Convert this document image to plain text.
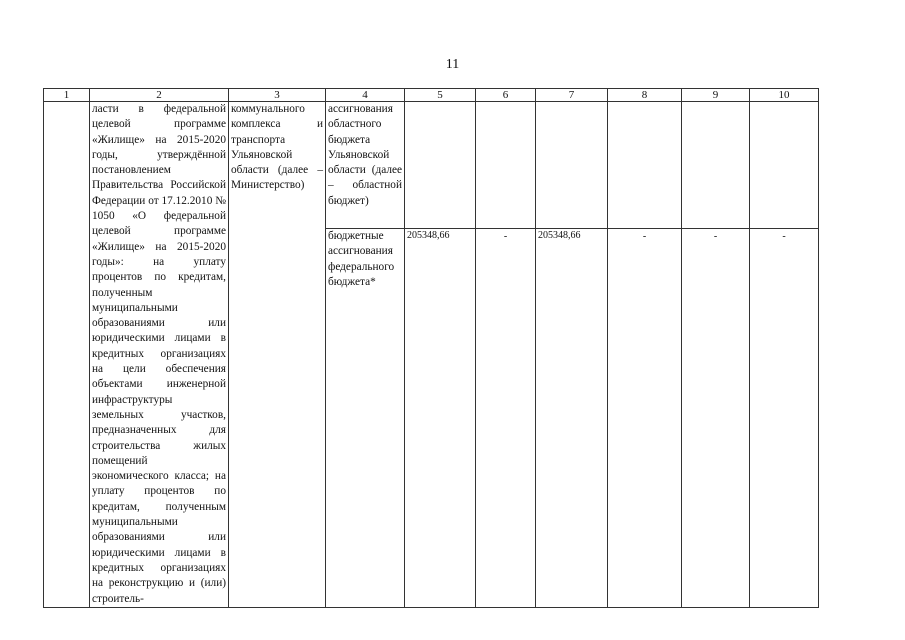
11
1	2	3	4	5	6	7	8	9	10
	ласти в федеральной целевой программе «Жилище» на 2015-2020 годы, утверждённой постановлением Правительства Российской Федерации от 17.12.2010 № 1050 «О федеральной целевой программе «Жилище» на 2015-2020 годы»: на уплату процентов по кредитам, полученным муниципальными образованиями или юридическими лицами в кредитных организациях на цели обеспечения объектами инженерной инфраструктуры земельных участков, предназначенных для строительства жилых помещений экономического класса; на уплату процентов по кредитам, полученным муниципальными образованиями или юридическими лицами в кредитных организациях на реконструкцию и (или) строитель-	коммунального комплекса и транспорта Ульяновской области (далее – Министерство)	ассигнования областного бюджета Ульяновской области (далее – областной бюджет)						
			бюджетные ассигнования федерального бюджета*	205348,66	-	205348,66	-	-	-
